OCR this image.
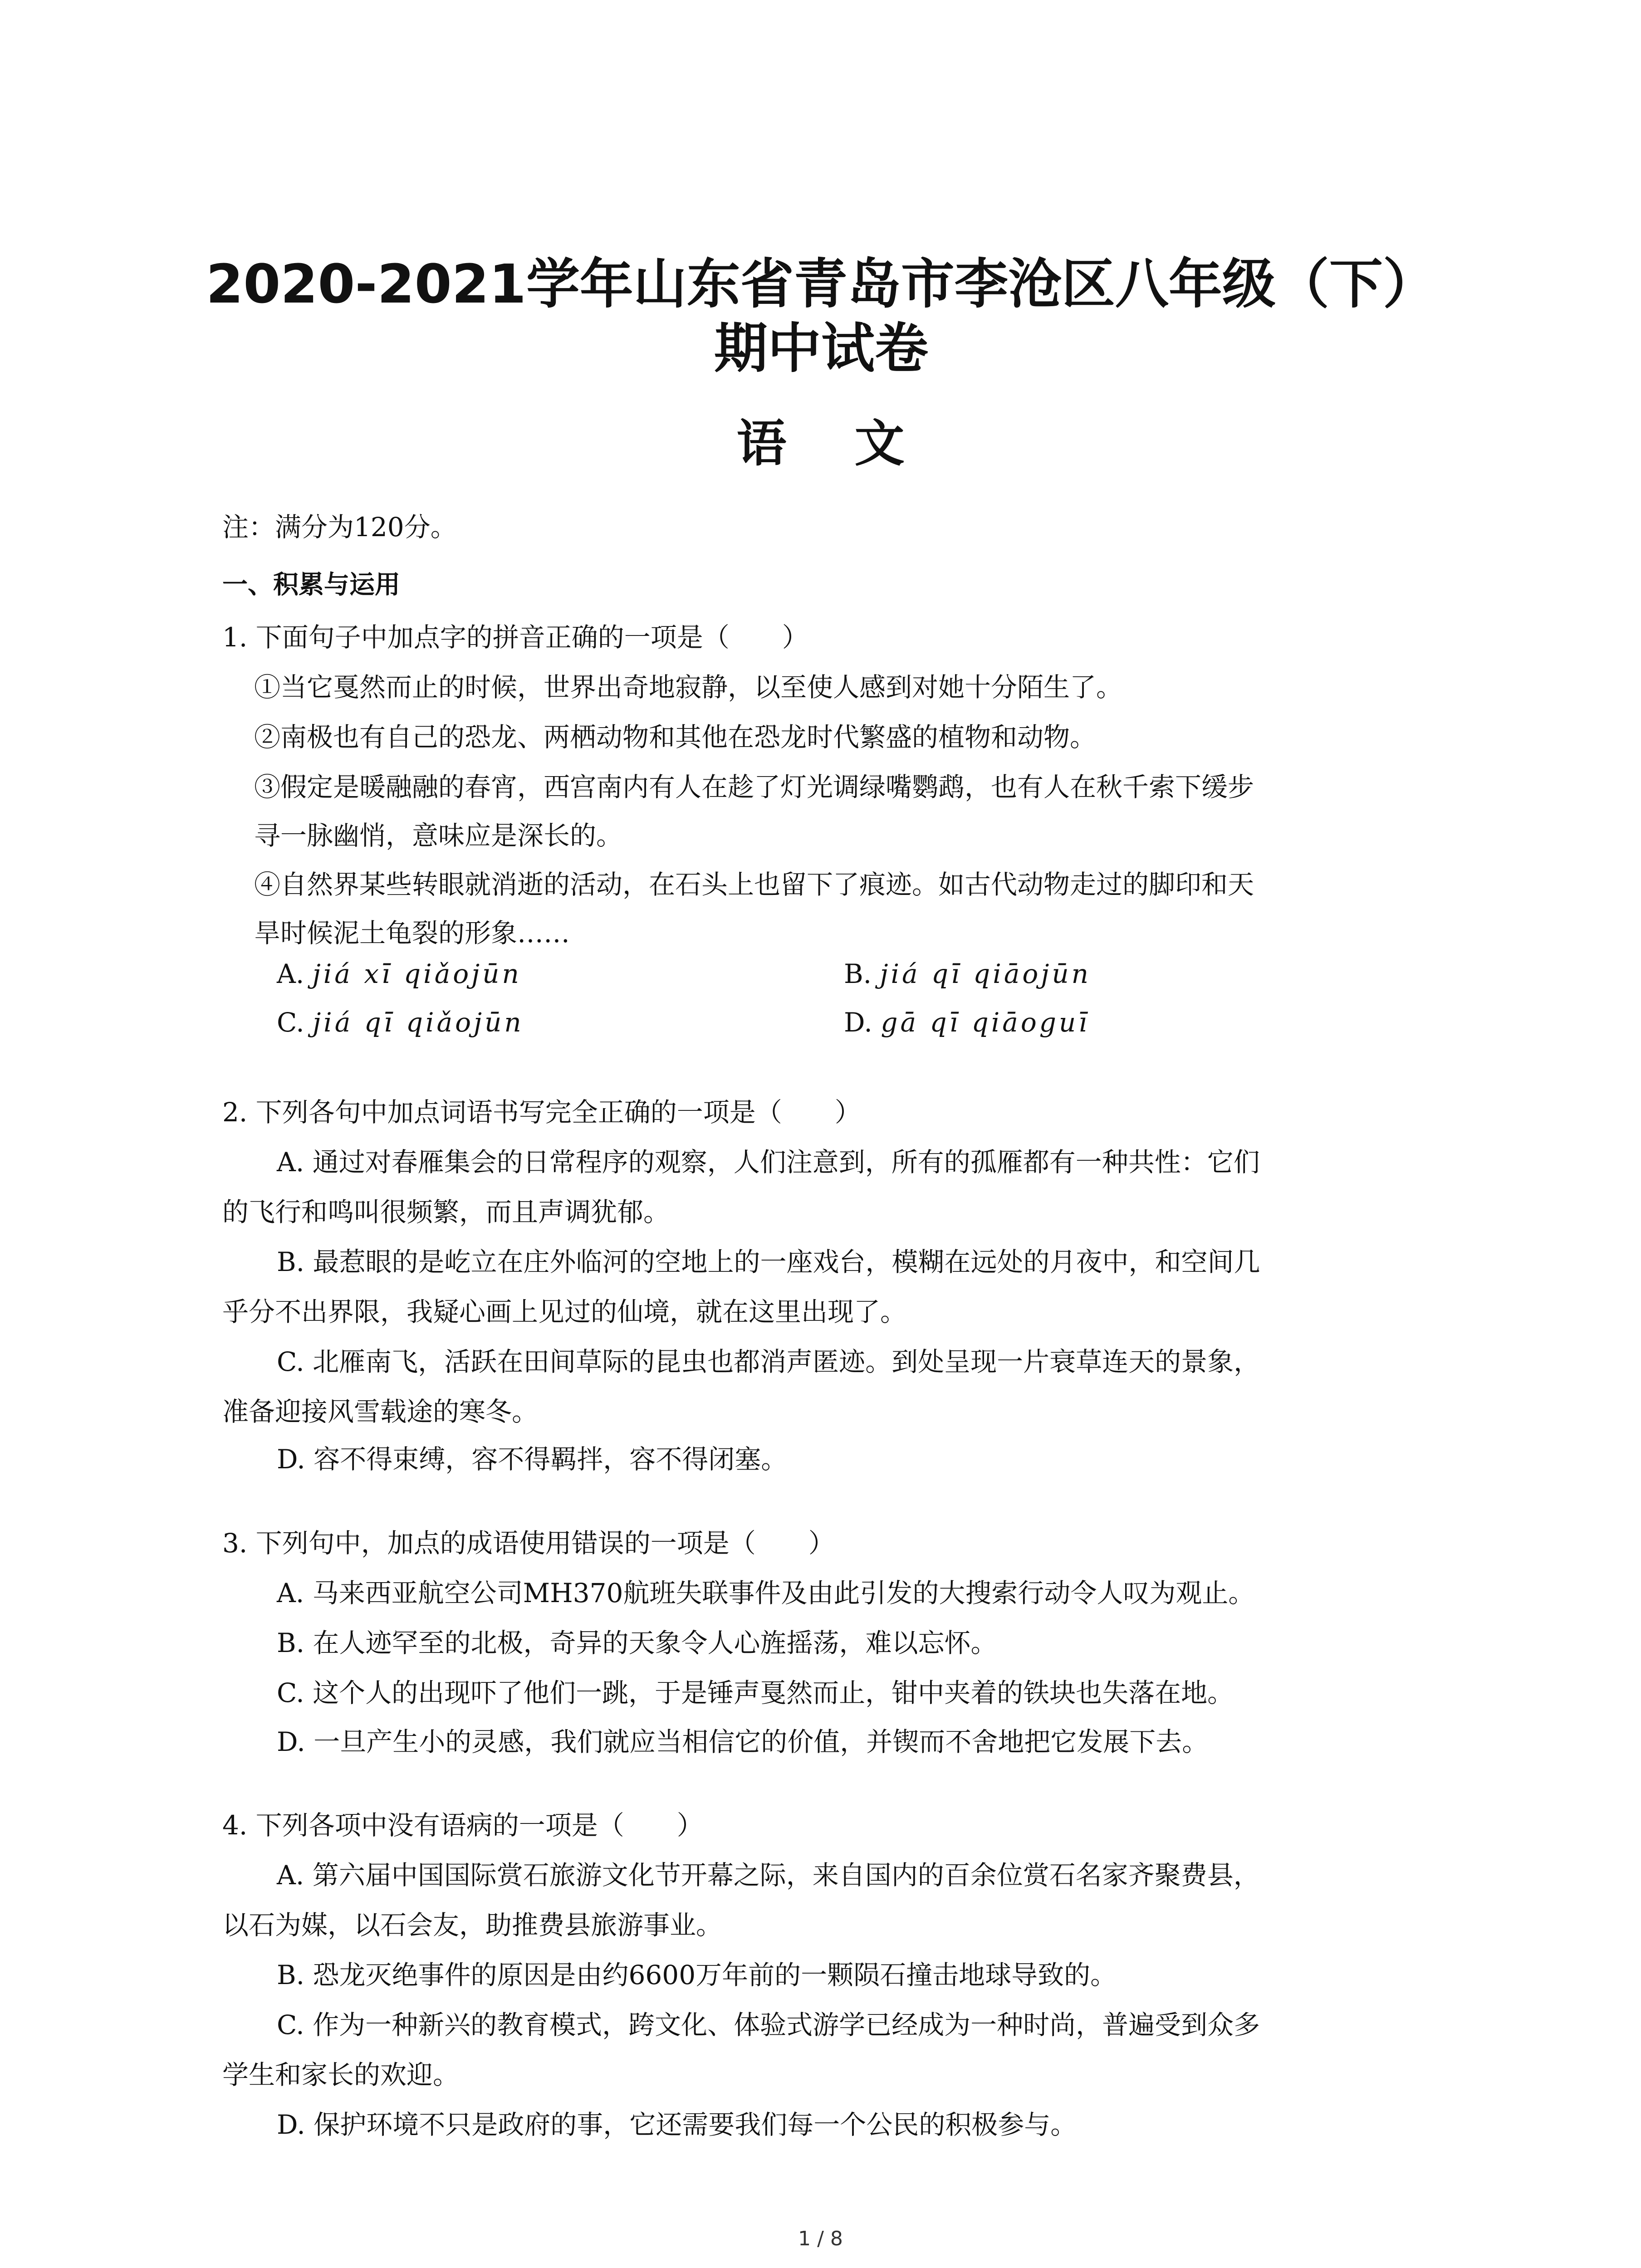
2020-2021学年山东省青岛市李沧区八年级（下）期中试卷
语文
注：满分为120分。
一、积累与运用
1. 下面句子中加点字的拼音正确的一项是（　　）
①当它戛然而止的时候，世界出奇地寂静，以至使人感到对她十分陌生了。
②南极也有自己的恐龙、两栖动物和其他在恐龙时代繁盛的植物和动物。
③假定是暖融融的春宵，西宫南内有人在趁了灯光调绿嘴鹦鹉，也有人在秋千索下缓步
寻一脉幽悄，意味应是深长的。
④自然界某些转眼就消逝的活动，在石头上也留下了痕迹。如古代动物走过的脚印和天
旱时候泥土龟裂的形象……
A. jiá xī qiǎojūn	B. jiá qī qiāojūn
C. jiá qī qiǎojūn	D. gā qī qiāoguī
2. 下列各句中加点词语书写完全正确的一项是（　　）
A. 通过对春雁集会的日常程序的观察，人们注意到，所有的孤雁都有一种共性：它们
的飞行和鸣叫很频繁，而且声调犹郁。
B. 最惹眼的是屹立在庄外临河的空地上的一座戏台，模糊在远处的月夜中，和空间几
乎分不出界限，我疑心画上见过的仙境，就在这里出现了。
C. 北雁南飞，活跃在田间草际的昆虫也都消声匿迹。到处呈现一片衰草连天的景象，
准备迎接风雪载途的寒冬。
D. 容不得束缚，容不得羁拌，容不得闭塞。
3. 下列句中，加点的成语使用错误的一项是（　　）
A. 马来西亚航空公司MH370航班失联事件及由此引发的大搜索行动令人叹为观止。
B. 在人迹罕至的北极，奇异的天象令人心旌摇荡，难以忘怀。
C. 这个人的出现吓了他们一跳，于是锤声戛然而止，钳中夹着的铁块也失落在地。
D. 一旦产生小的灵感，我们就应当相信它的价值，并锲而不舍地把它发展下去。
4. 下列各项中没有语病的一项是（　　）
A. 第六届中国国际赏石旅游文化节开幕之际，来自国内的百余位赏石名家齐聚费县，
以石为媒，以石会友，助推费县旅游事业。
B. 恐龙灭绝事件的原因是由约6600万年前的一颗陨石撞击地球导致的。
C. 作为一种新兴的教育模式，跨文化、体验式游学已经成为一种时尚，普遍受到众多
学生和家长的欢迎。
D. 保护环境不只是政府的事，它还需要我们每一个公民的积极参与。
1 / 8
